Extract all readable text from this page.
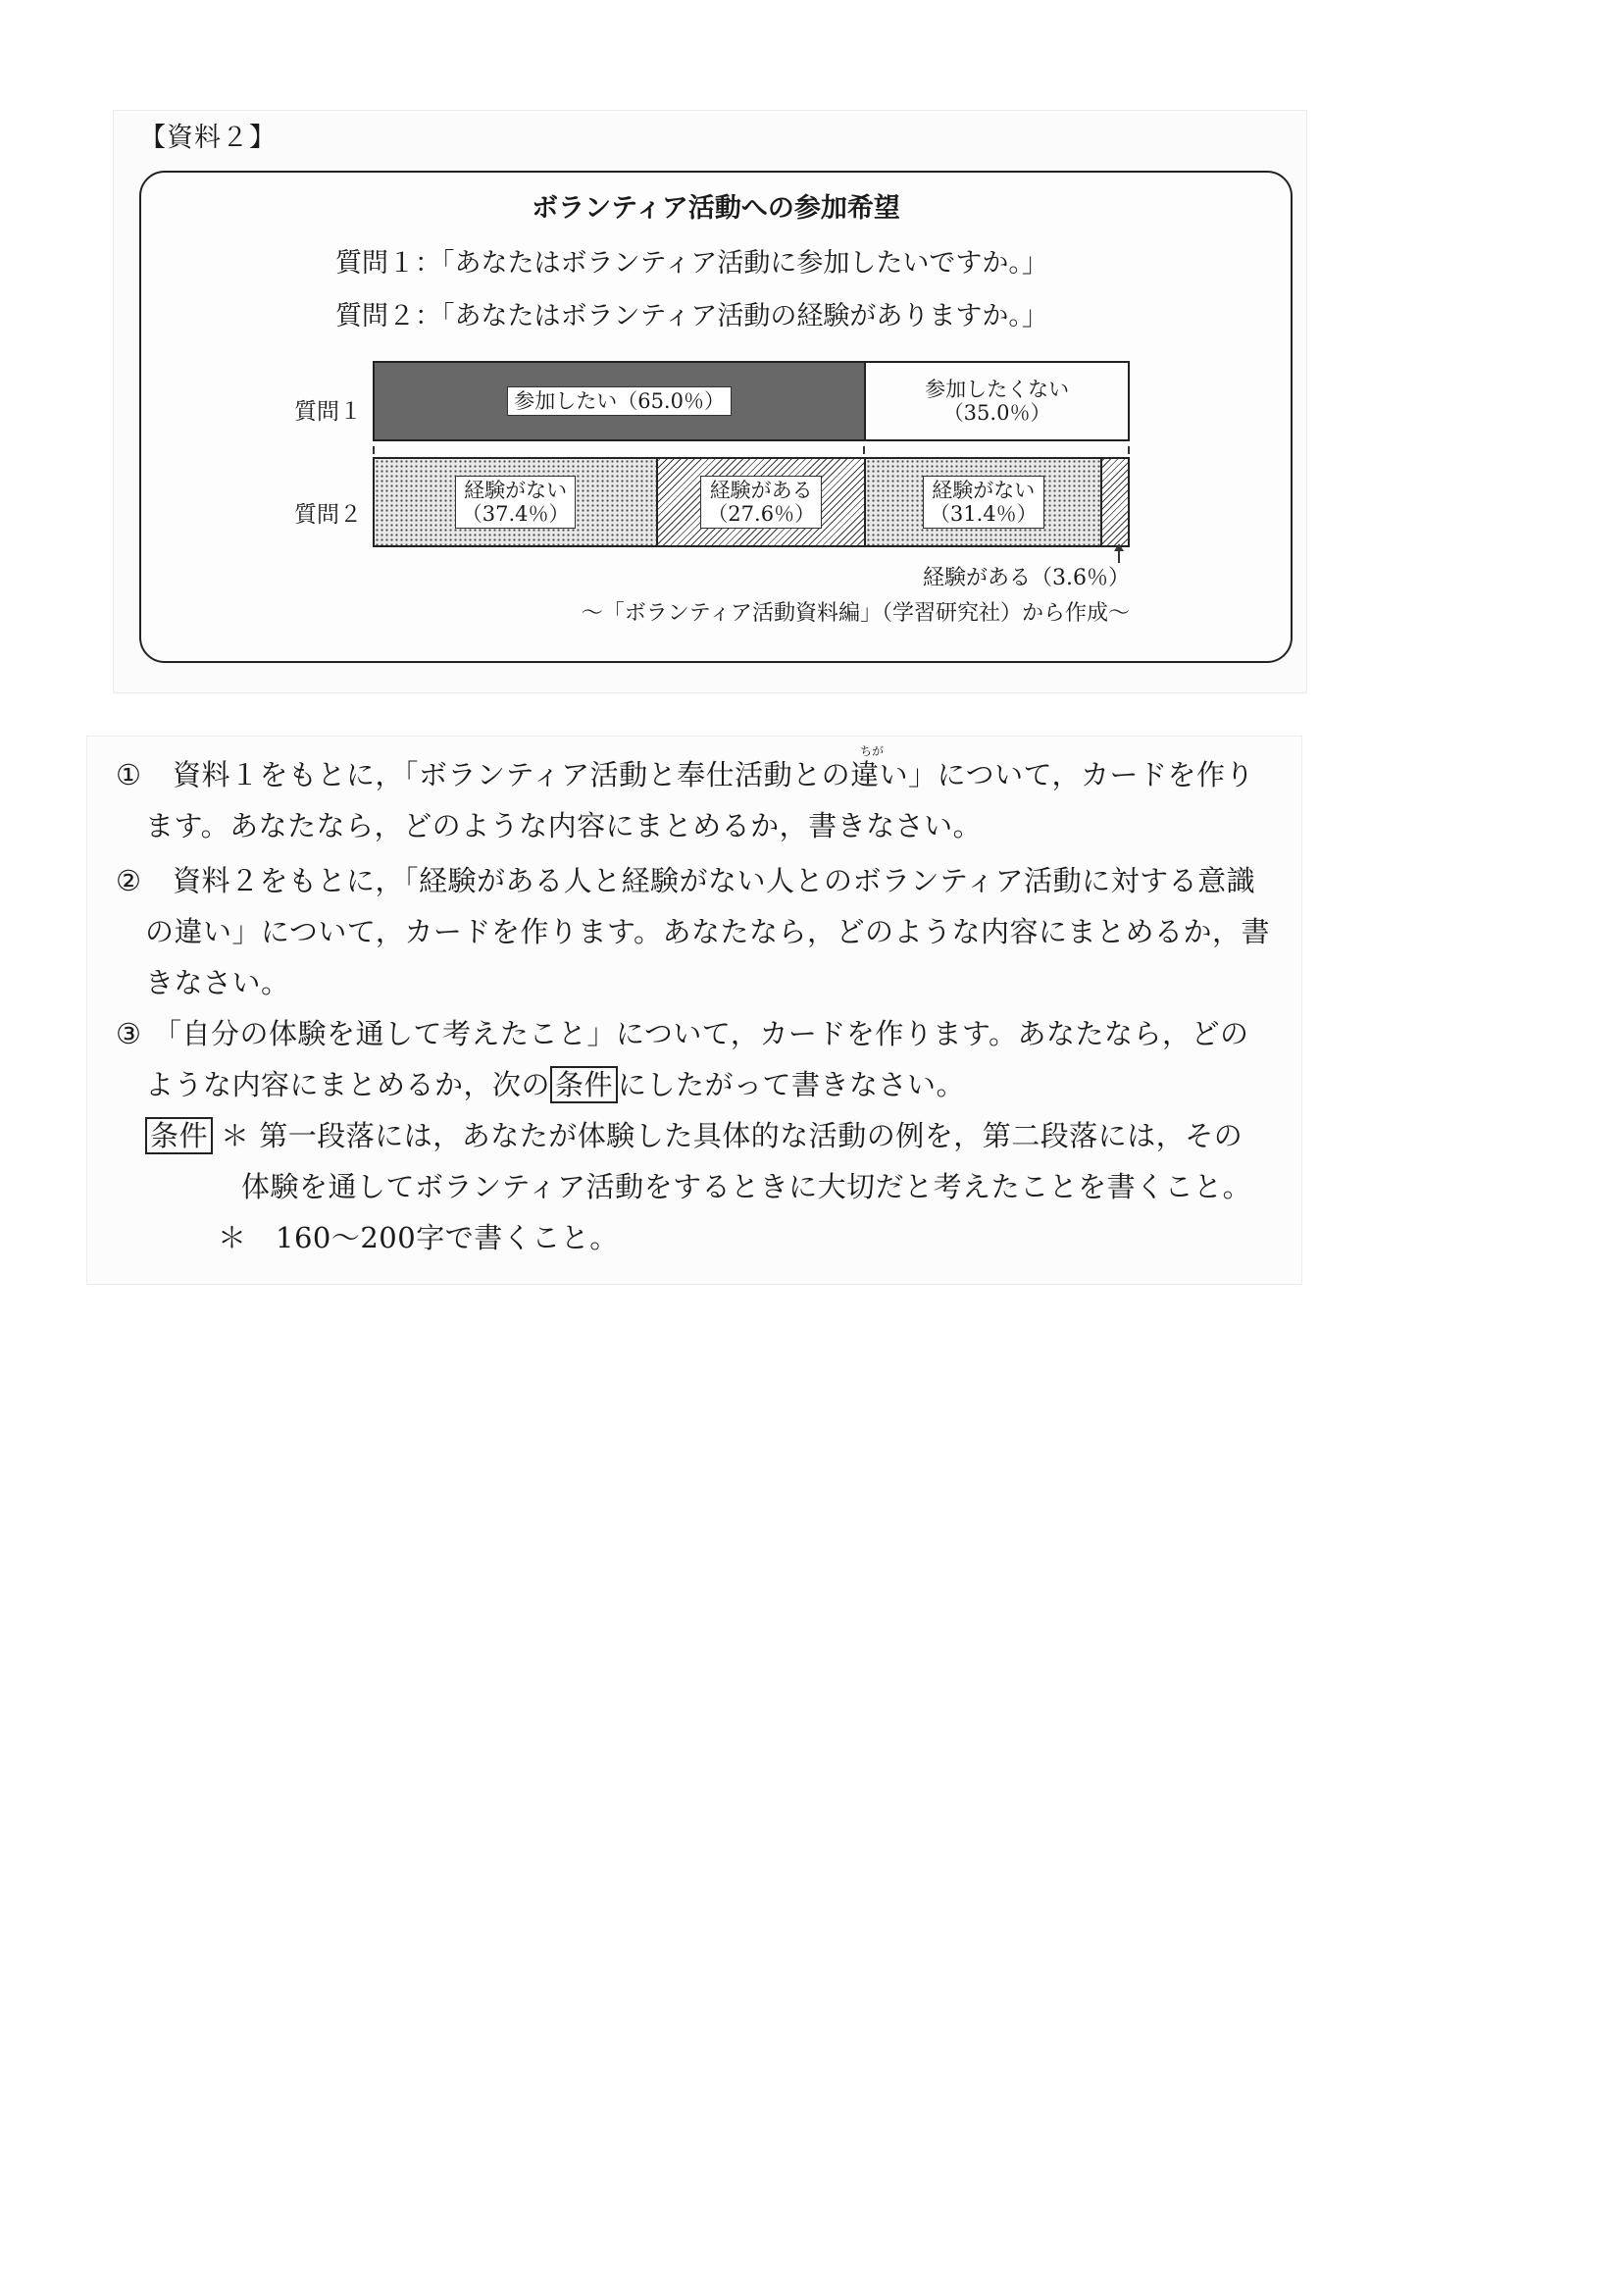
【資料２】
ボランティア活動への参加希望
質問１：「あなたはボランティア活動に参加したいですか。」
質問２：「あなたはボランティア活動の経験がありますか。」
質問１
質問２
参加したい（65.0％）
参加したくない
（35.0％）
経験がない
（37.4％）
経験がある
（27.6％）
経験がない
（31.4％）
経験がある（3.6％）
〜「ボランティア活動資料編」（学習研究社）から作成〜
ちが
① 資料１をもとに，「ボランティア活動と奉仕活動との違い」について，カードを作り
ます。あなたなら，どのような内容にまとめるか，書きなさい。
② 資料２をもとに，「経験がある人と経験がない人とのボランティア活動に対する意識
の違い」について，カードを作ります。あなたなら，どのような内容にまとめるか，書
きなさい。
③ 「自分の体験を通して考えたこと」について，カードを作ります。あなたなら，どの
ような内容にまとめるか，次の 条件 にしたがって書きなさい。
条件 ＊ 第一段落には，あなたが体験した具体的な活動の例を，第二段落には，その
体験を通してボランティア活動をするときに大切だと考えたことを書くこと。
＊　160〜200字で書くこと。
